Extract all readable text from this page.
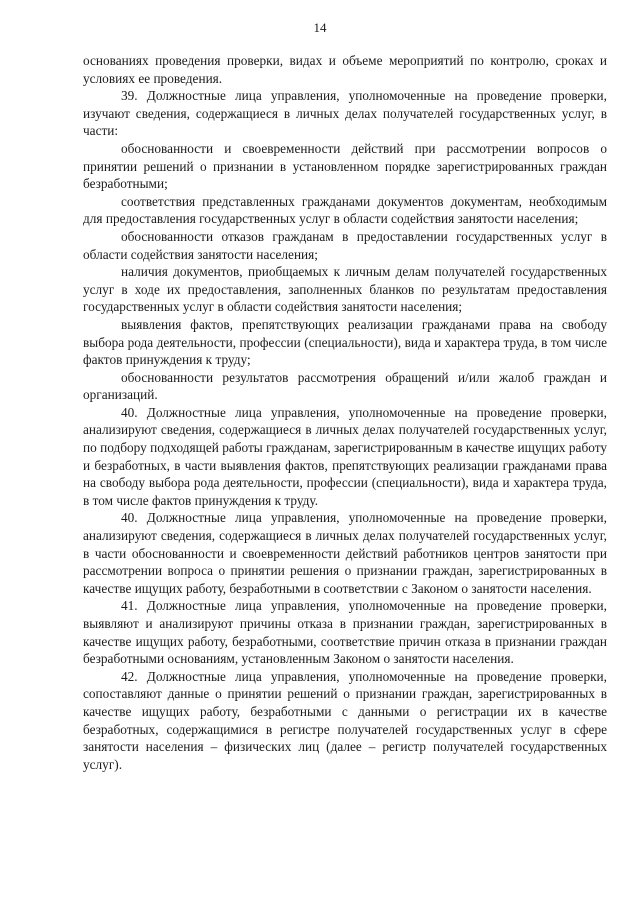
14

основаниях проведения проверки, видах и объеме мероприятий по контролю, сроках и условиях ее проведения.

39. Должностные лица управления, уполномоченные на проведение проверки, изучают сведения, содержащиеся в личных делах получателей государственных услуг, в части:

обоснованности и своевременности действий при рассмотрении вопросов о принятии решений о признании в установленном порядке зарегистрированных граждан безработными;

соответствия представленных гражданами документов документам, необходимым для предоставления государственных услуг в области содействия занятости населения;

обоснованности отказов гражданам в предоставлении государственных услуг в области содействия занятости населения;

наличия документов, приобщаемых к личным делам получателей государственных услуг в ходе их предоставления, заполненных бланков по результатам предоставления государственных услуг в области содействия занятости населения;

выявления фактов, препятствующих реализации гражданами права на свободу выбора рода деятельности, профессии (специальности), вида и характера труда, в том числе фактов принуждения к труду;

обоснованности результатов рассмотрения обращений и/или жалоб граждан и организаций.

40. Должностные лица управления, уполномоченные на проведение проверки, анализируют сведения, содержащиеся в личных делах получателей государственных услуг, по подбору подходящей работы гражданам, зарегистрированным в качестве ищущих работу и безработных, в части выявления фактов, препятствующих реализации гражданами права на свободу выбора рода деятельности, профессии (специальности), вида и характера труда, в том числе фактов принуждения к труду.

40. Должностные лица управления, уполномоченные на проведение проверки, анализируют сведения, содержащиеся в личных делах получателей государственных услуг, в части обоснованности и своевременности действий работников центров занятости при рассмотрении вопроса о принятии решения о признании граждан, зарегистрированных в качестве ищущих работу, безработными в соответствии с Законом о занятости населения.

41. Должностные лица управления, уполномоченные на проведение проверки, выявляют и анализируют причины отказа в признании граждан, зарегистрированных в качестве ищущих работу, безработными, соответствие причин отказа в признании граждан безработными основаниям, установленным Законом о занятости населения.

42. Должностные лица управления, уполномоченные на проведение проверки, сопоставляют данные о принятии решений о признании граждан, зарегистрированных в качестве ищущих работу, безработными с данными о регистрации их в качестве безработных, содержащимися в регистре получателей государственных услуг в сфере занятости населения – физических лиц (далее – регистр получателей государственных услуг).
